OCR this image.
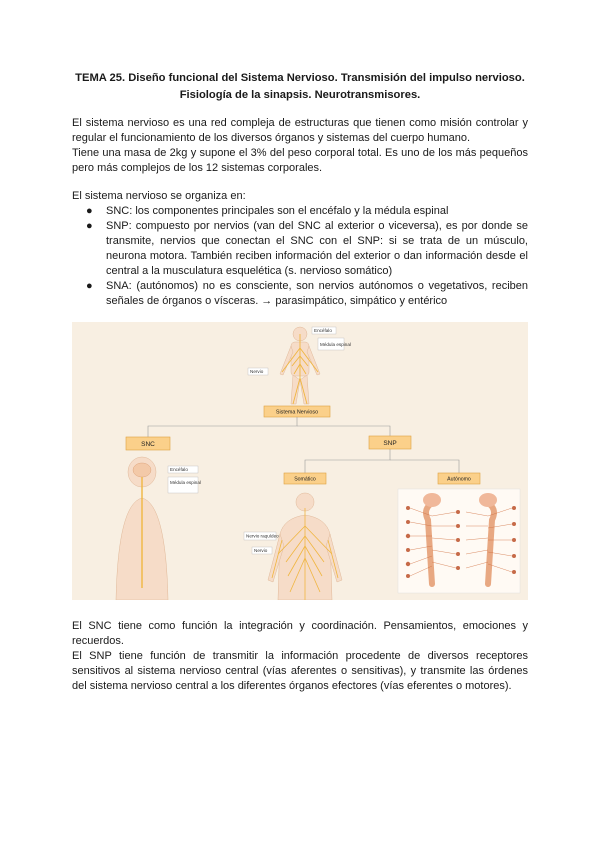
TEMA 25. Diseño funcional del Sistema Nervioso. Transmisión del impulso nervioso.
Fisiología de la sinapsis. Neurotransmisores.
El sistema nervioso es una red compleja de estructuras que tienen como misión controlar y regular el funcionamiento de los diversos órganos y sistemas del cuerpo humano.
Tiene una masa de 2kg y supone el 3% del peso corporal total. Es uno de los más pequeños pero más complejos de los 12 sistemas corporales.
El sistema nervioso se organiza en:
● SNC: los componentes principales son el encéfalo y la médula espinal
● SNP: compuesto por nervios (van del SNC al exterior o viceversa), es por donde se transmite, nervios que conectan el SNC con el SNP: si se trata de un músculo, neurona motora. También reciben información del exterior o dan información desde el central a la musculatura esquelética (s. nervioso somático)
● SNA: (autónomos) no es consciente, son nervios autónomos o vegetativos, reciben señales de órganos o vísceras. → parasimpático, simpático y entérico
Encéfalo
Médula espinal
Nervio
Sistema Nervioso
SNC	SNP
Somático	Autónomo
Encéfalo
Médula espinal
Nervio raquídeo
Nervio
El SNC tiene como función la integración y coordinación. Pensamientos, emociones y recuerdos.
El SNP tiene función de transmitir la información procedente de diversos receptores sensitivos al sistema nervioso central (vías aferentes o sensitivas), y transmite las órdenes del sistema nervioso central a los diferentes órganos efectores (vías eferentes o motores).
